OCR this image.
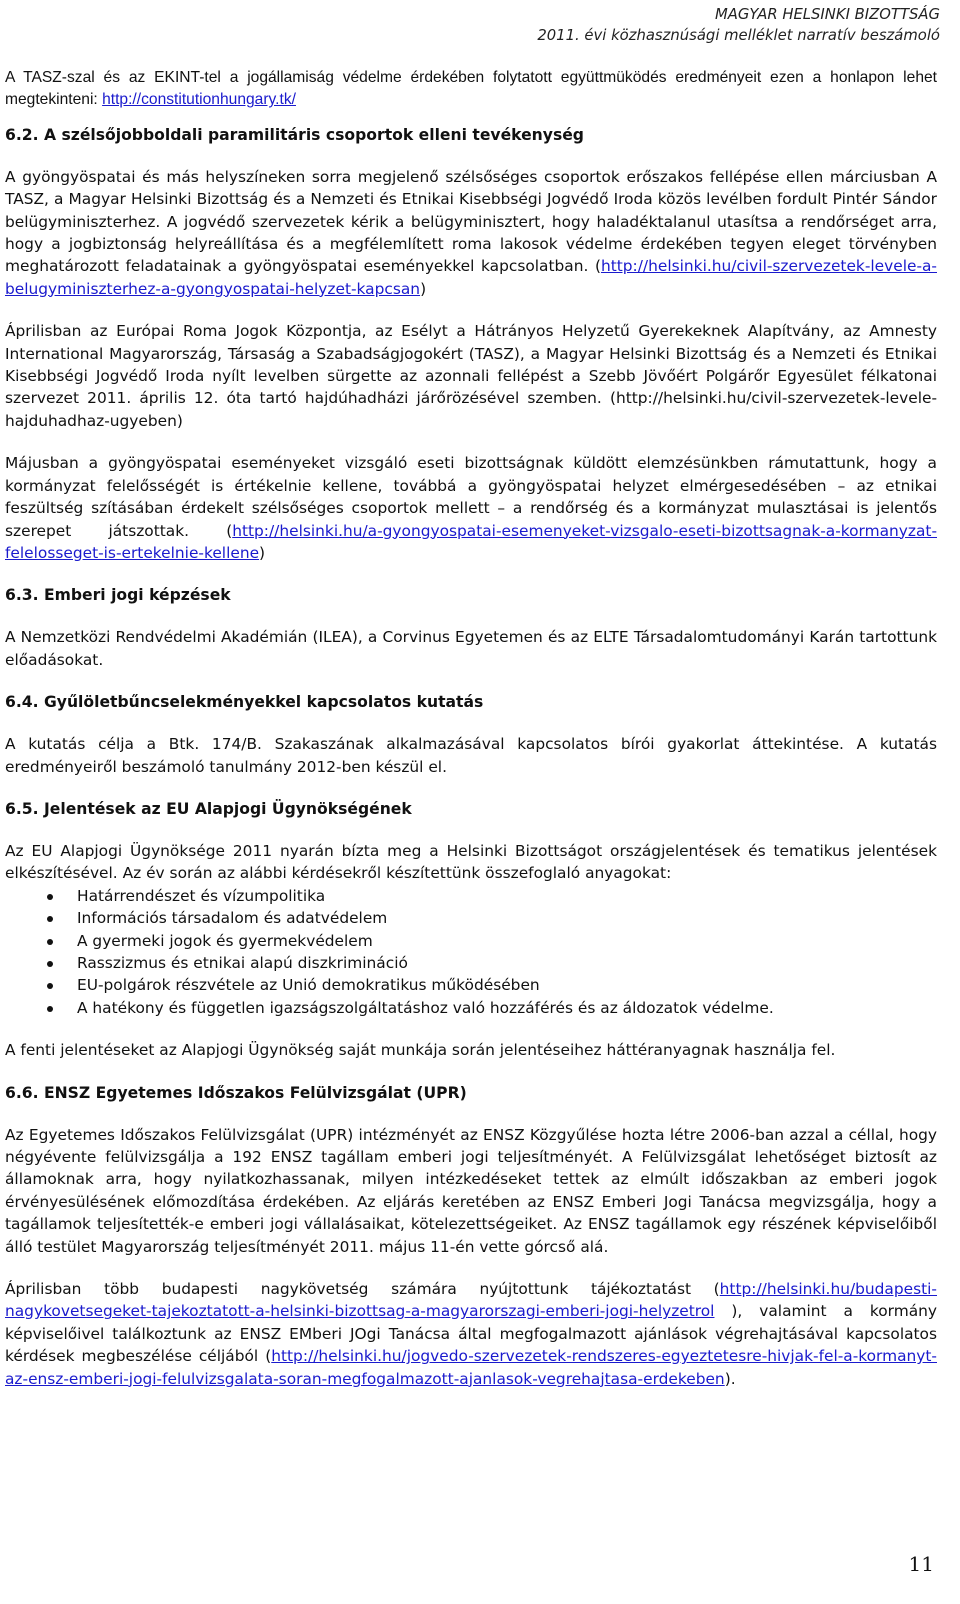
MAGYAR HELSINKI BIZOTTSÁG
2011. évi közhasznúsági melléklet narratív beszámoló

A TASZ-szal és az EKINT-tel a jogállamiság védelme érdekében folytatott együttmüködés eredményeit ezen a honlapon lehet megtekinteni: http://constitutionhungary.tk/

6.2. A szélsőjobboldali paramilitáris csoportok elleni tevékenység

A gyöngyöspatai és más helyszíneken sorra megjelenő szélsőséges csoportok erőszakos fellépése ellen márciusban A TASZ, a Magyar Helsinki Bizottság és a Nemzeti és Etnikai Kisebbségi Jogvédő Iroda közös levélben fordult Pintér Sándor belügyminiszterhez. A jogvédő szervezetek kérik a belügyminisztert, hogy haladéktalanul utasítsa a rendőrséget arra, hogy a jogbiztonság helyreállítása és a megfélemlített roma lakosok védelme érdekében tegyen eleget törvényben meghatározott feladatainak a gyöngyöspatai eseményekkel kapcsolatban. (http://helsinki.hu/civil-szervezetek-levele-a-belugyminiszterhez-a-gyongyospatai-helyzet-kapcsan)

Áprilisban az Európai Roma Jogok Központja, az Esélyt a Hátrányos Helyzetű Gyerekeknek Alapítvány, az Amnesty International Magyarország, Társaság a Szabadságjogokért (TASZ), a Magyar Helsinki Bizottság és a Nemzeti és Etnikai Kisebbségi Jogvédő Iroda nyílt levelben sürgette az azonnali fellépést a Szebb Jövőért Polgárőr Egyesület félkatonai szervezet 2011. április 12. óta tartó hajdúhadházi járőrözésével szemben. (http://helsinki.hu/civil-szervezetek-levele-hajduhadhaz-ugyeben)

Májusban a gyöngyöspatai eseményeket vizsgáló eseti bizottságnak küldött elemzésünkben rámutattunk, hogy a kormányzat felelősségét is értékelnie kellene, továbbá a gyöngyöspatai helyzet elmérgesedésében – az etnikai feszültség szításában érdekelt szélsőséges csoportok mellett – a rendőrség és a kormányzat mulasztásai is jelentős szerepet játszottak. (http://helsinki.hu/a-gyongyospatai-esemenyeket-vizsgalo-eseti-bizottsagnak-a-kormanyzat-felelosseget-is-ertekelnie-kellene)

6.3. Emberi jogi képzések

A Nemzetközi Rendvédelmi Akadémián (ILEA), a Corvinus Egyetemen és az ELTE Társadalomtudományi Karán tartottunk előadásokat.

6.4. Gyűlöletbűncselekményekkel kapcsolatos kutatás

A kutatás célja a Btk. 174/B. Szakaszának alkalmazásával kapcsolatos bírói gyakorlat áttekintése. A kutatás eredményeiről beszámoló tanulmány 2012-ben készül el.

6.5. Jelentések az EU Alapjogi Ügynökségének

Az EU Alapjogi Ügynöksége 2011 nyarán bízta meg a Helsinki Bizottságot országjelentések és tematikus jelentések elkészítésével. Az év során az alábbi kérdésekről készítettünk összefoglaló anyagokat:

Határrendészet és vízumpolitika
Információs társadalom és adatvédelem
A gyermeki jogok és gyermekvédelem
Rasszizmus és etnikai alapú diszkrimináció
EU-polgárok részvétele az Unió demokratikus működésében
A hatékony és független igazságszolgáltatáshoz való hozzáférés és az áldozatok védelme.

A fenti jelentéseket az Alapjogi Ügynökség saját munkája során jelentéseihez háttéranyagnak használja fel.

6.6. ENSZ Egyetemes Időszakos Felülvizsgálat (UPR)

Az Egyetemes Időszakos Felülvizsgálat (UPR) intézményét az ENSZ Közgyűlése hozta létre 2006-ban azzal a céllal, hogy négyévente felülvizsgálja a 192 ENSZ tagállam emberi jogi teljesítményét. A Felülvizsgálat lehetőséget biztosít az államoknak arra, hogy nyilatkozhassanak, milyen intézkedéseket tettek az elmúlt időszakban az emberi jogok érvényesülésének előmozdítása érdekében. Az eljárás keretében az ENSZ Emberi Jogi Tanácsa megvizsgálja, hogy a tagállamok teljesítették-e emberi jogi vállalásaikat, kötelezettségeiket. Az ENSZ tagállamok egy részének képviselőiből álló testület Magyarország teljesítményét 2011. május 11-én vette górcső alá.

Áprilisban több budapesti nagykövetség számára nyújtottunk tájékoztatást (http://helsinki.hu/budapesti-nagykovetsegeket-tajekoztatott-a-helsinki-bizottsag-a-magyarorszagi-emberi-jogi-helyzetrol ), valamint a kormány képviselőivel találkoztunk az ENSZ EMberi JOgi Tanácsa által megfogalmazott ajánlások végrehajtásával kapcsolatos kérdések megbeszélése céljából (http://helsinki.hu/jogvedo-szervezetek-rendszeres-egyeztetesre-hivjak-fel-a-kormanyt-az-ensz-emberi-jogi-felulvizsgalata-soran-megfogalmazott-ajanlasok-vegrehajtasa-erdekeben).

11
